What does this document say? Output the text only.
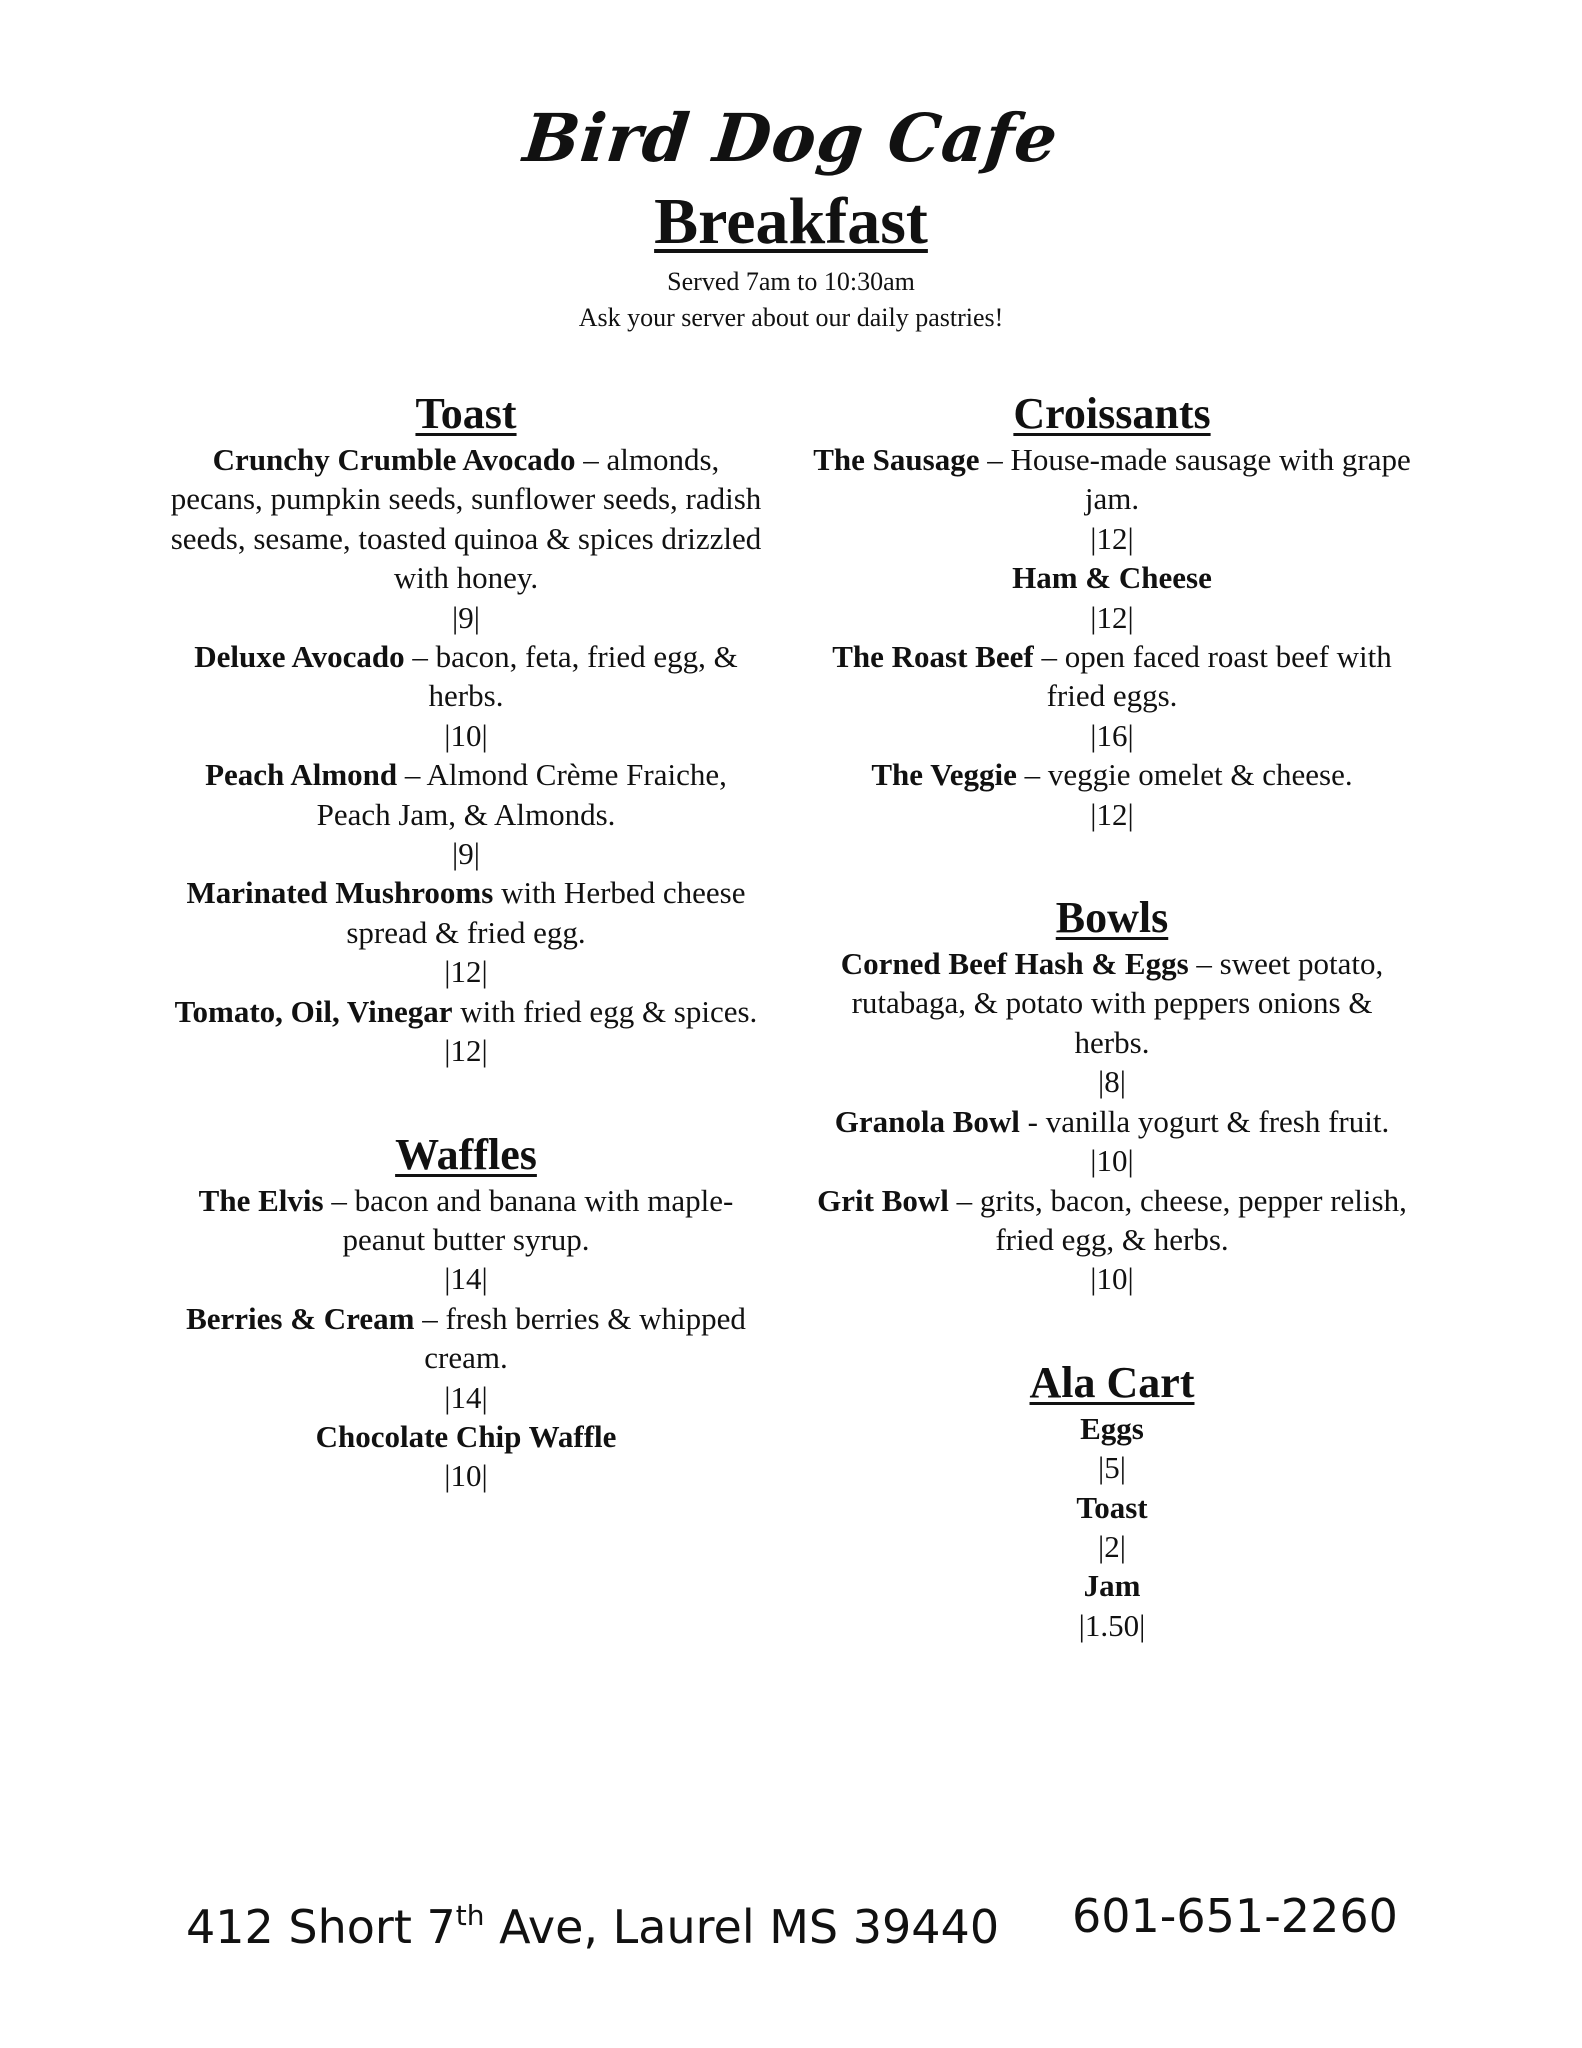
Bird Dog Cafe
Breakfast
Served 7am to 10:30am
Ask your server about our daily pastries!
Toast
Crunchy Crumble Avocado – almonds, pecans, pumpkin seeds, sunflower seeds, radish seeds, sesame, toasted quinoa & spices drizzled with honey.
|9|
Deluxe Avocado – bacon, feta, fried egg, & herbs.
|10|
Peach Almond – Almond Crème Fraiche, Peach Jam, & Almonds.
|9|
Marinated Mushrooms with Herbed cheese spread & fried egg.
|12|
Tomato, Oil, Vinegar with fried egg & spices.
|12|
Waffles
The Elvis – bacon and banana with maple-peanut butter syrup.
|14|
Berries & Cream – fresh berries & whipped cream.
|14|
Chocolate Chip Waffle
|10|
Croissants
The Sausage – House-made sausage with grape jam.
|12|
Ham & Cheese
|12|
The Roast Beef – open faced roast beef with fried eggs.
|16|
The Veggie – veggie omelet & cheese.
|12|
Bowls
Corned Beef Hash & Eggs – sweet potato, rutabaga, & potato with peppers onions & herbs.
|8|
Granola Bowl - vanilla yogurt & fresh fruit.
|10|
Grit Bowl – grits, bacon, cheese, pepper relish, fried egg, & herbs.
|10|
Ala Cart
Eggs
|5|
Toast
|2|
Jam
|1.50|
412 Short 7th Ave, Laurel MS 39440 601-651-2260
